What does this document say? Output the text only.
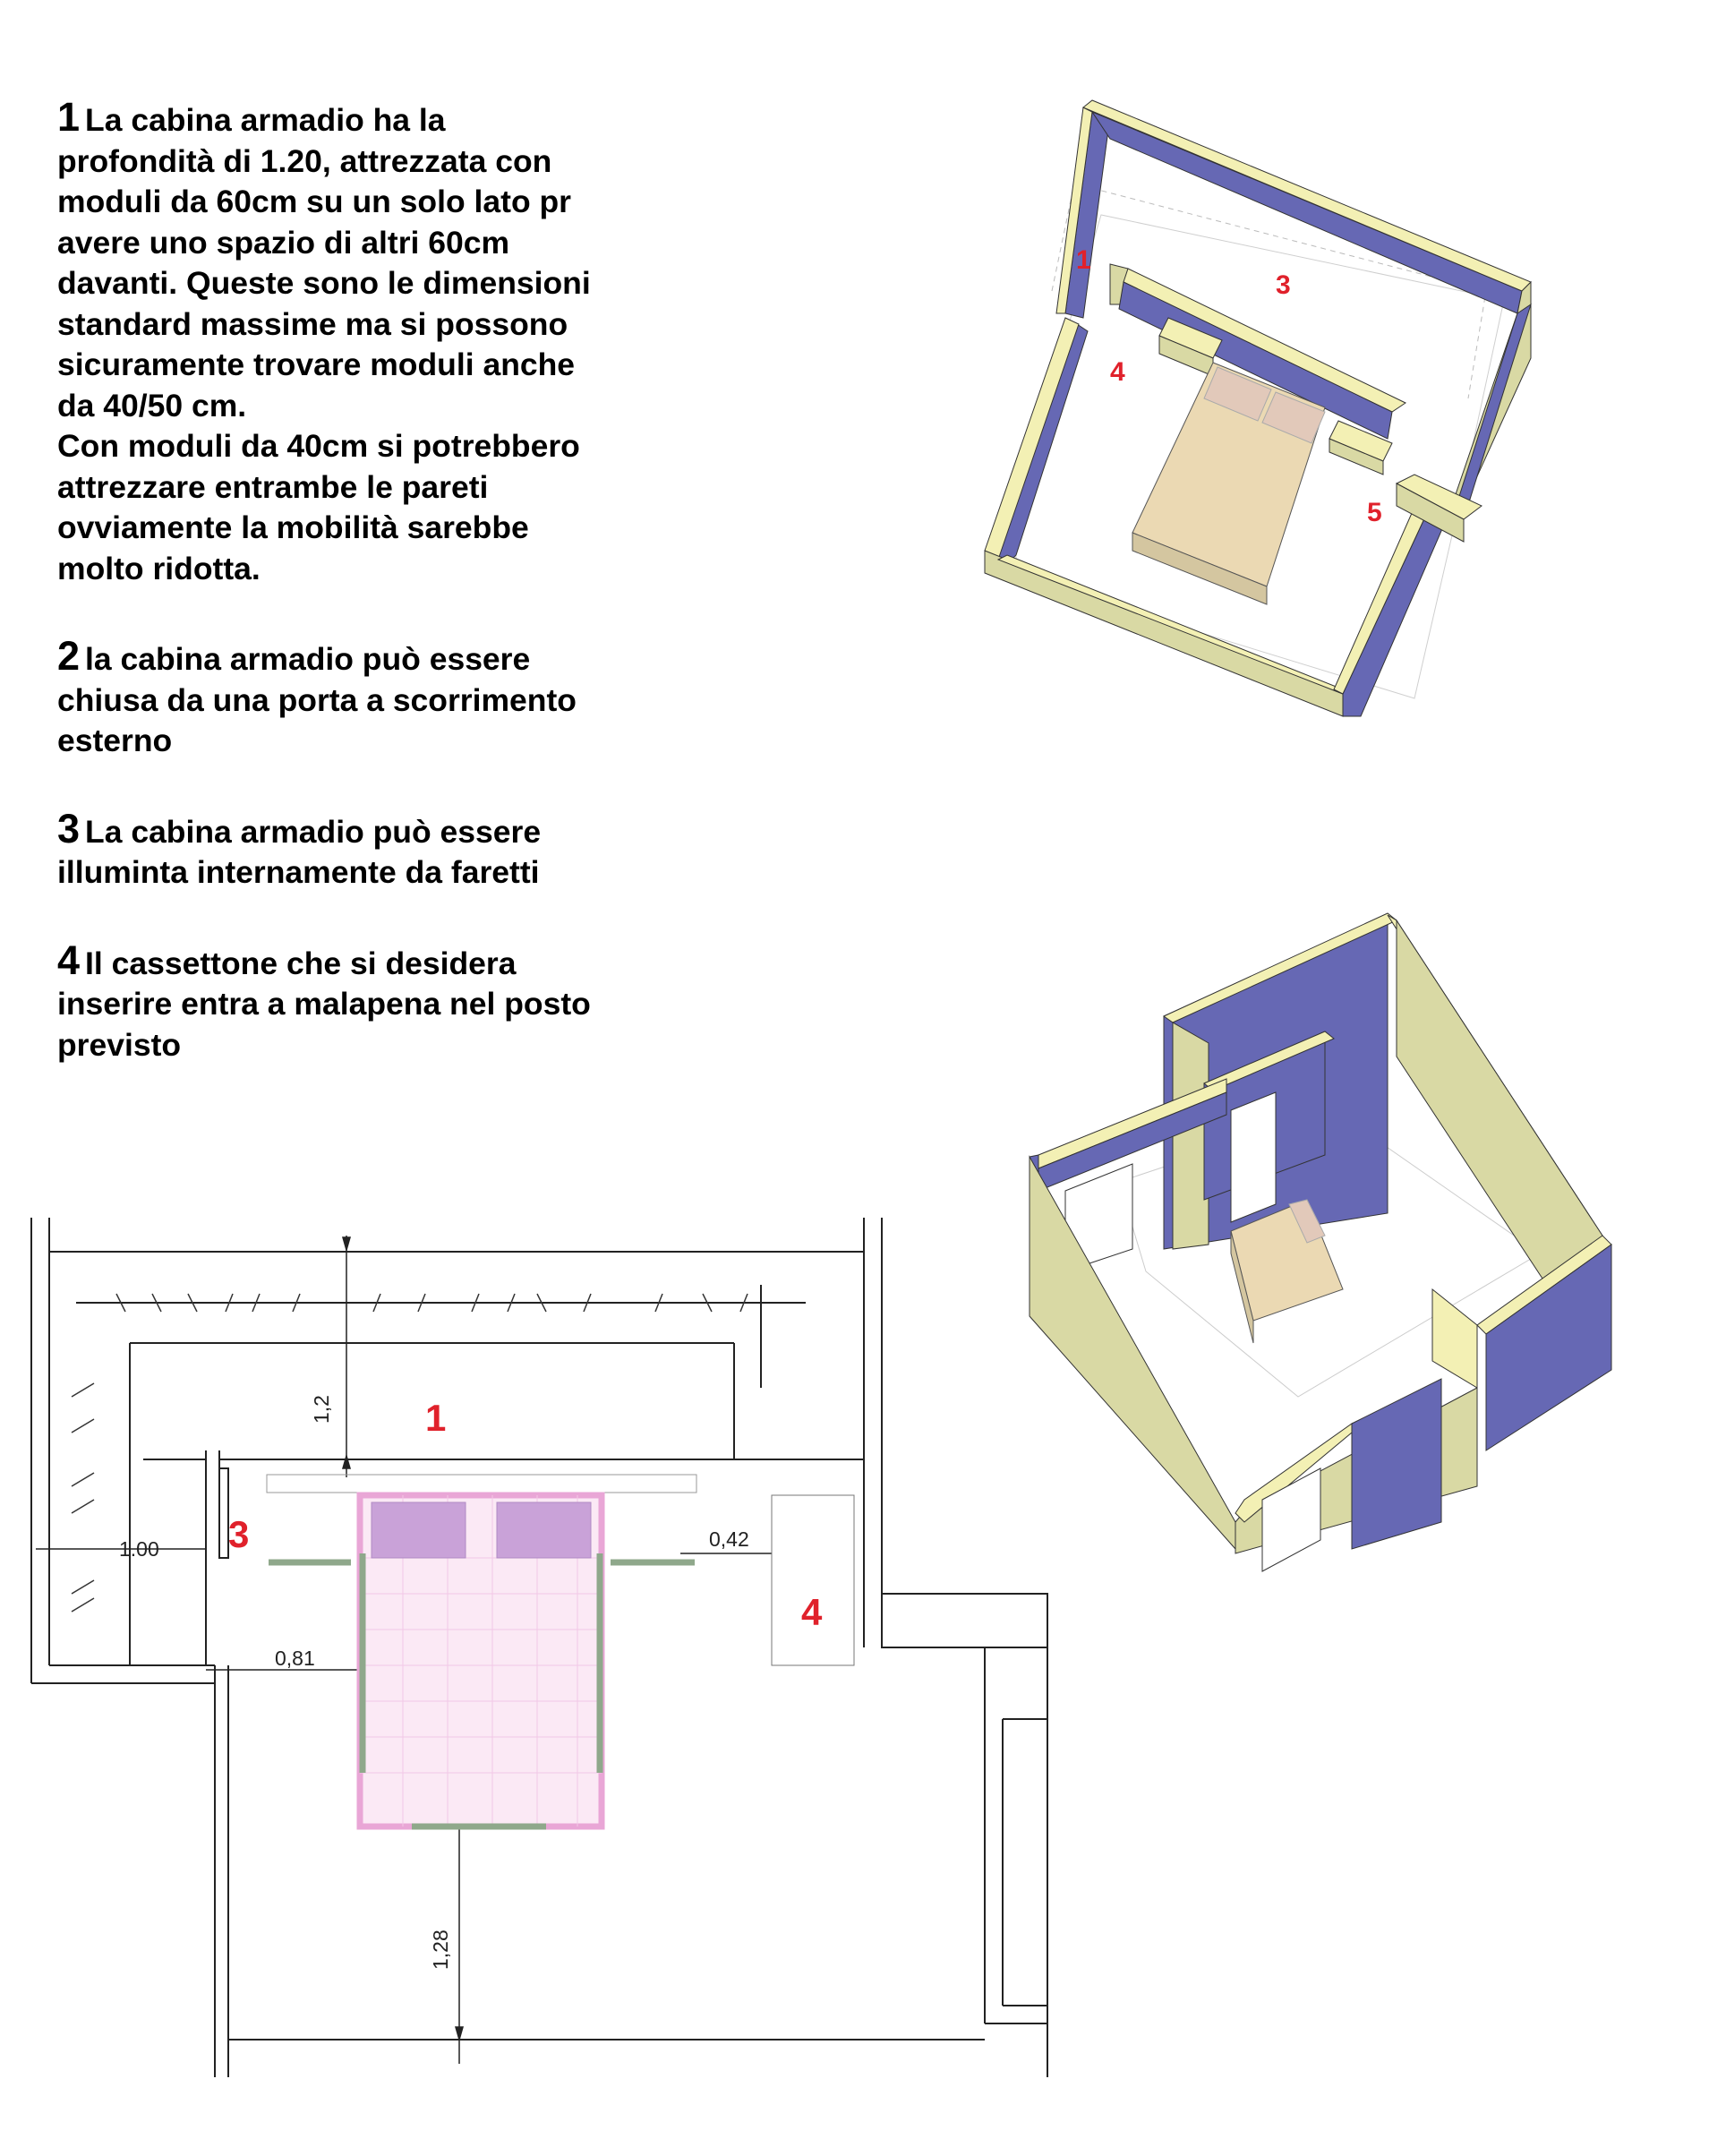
1 La cabina armadio ha la
profondità di 1.20, attrezzata con
moduli da 60cm su un solo lato pr
avere uno spazio di altri 60cm
davanti. Queste sono le dimensioni
standard massime ma si possono
sicuramente trovare moduli anche
da 40/50 cm.
Con moduli da 40cm si potrebbero
attrezzare entrambe le pareti
ovviamente la mobilità sarebbe
molto ridotta.

2 la cabina armadio può essere
chiusa da una porta a scorrimento
esterno

3 La cabina armadio può essere
illuminta internamente da faretti

4 Il cassettone che si desidera
inserire entra a malapena nel posto
previsto

1
3
4
5
1
3
4
1,2
1.00	0,42
0,81
1,28
